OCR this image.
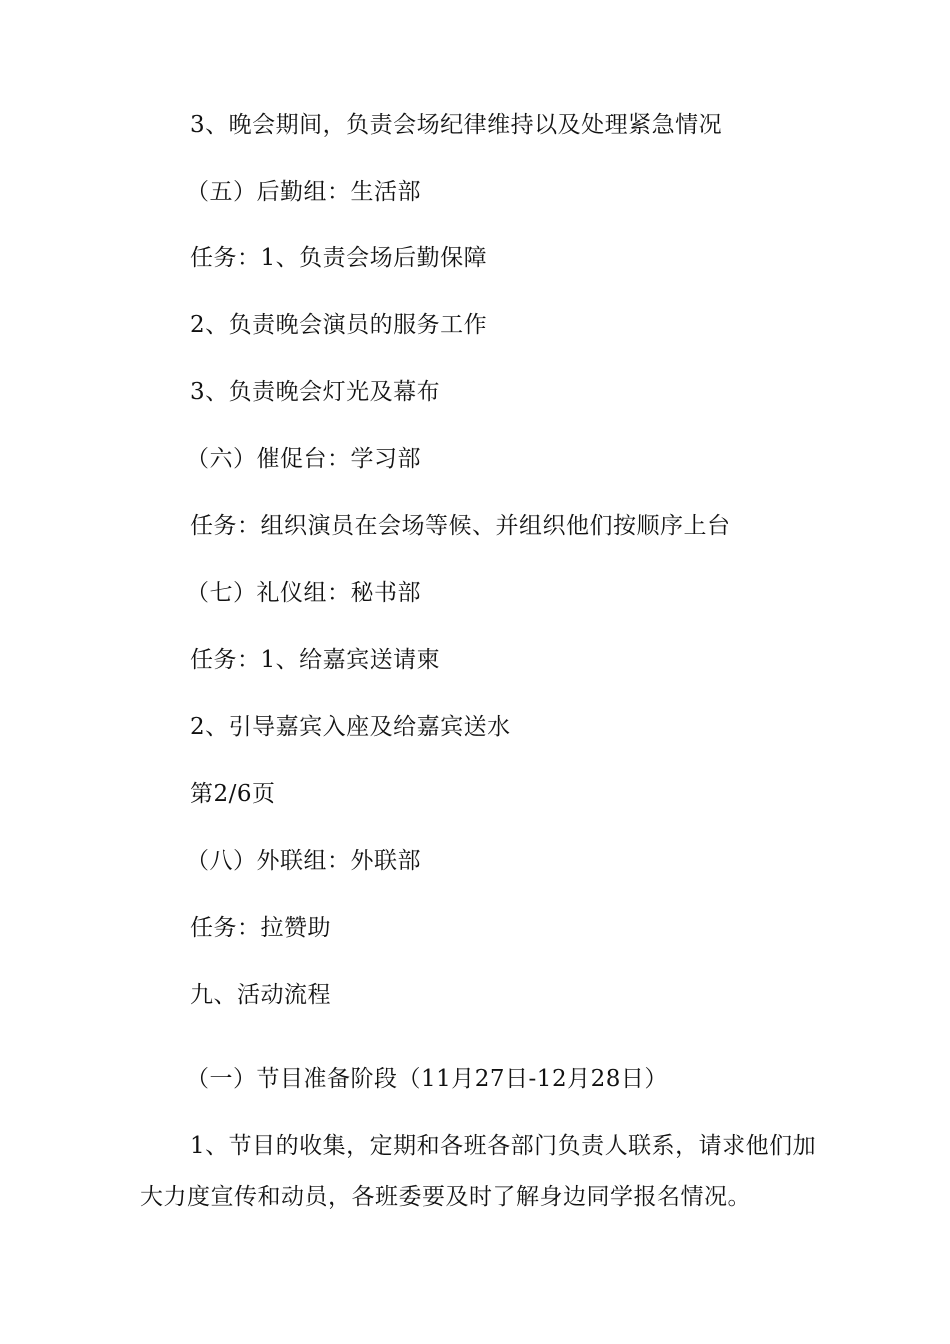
3、晚会期间，负责会场纪律维持以及处理紧急情况
（五）后勤组：生活部
任务：1、负责会场后勤保障
2、负责晚会演员的服务工作
3、负责晚会灯光及幕布
（六）催促台：学习部
任务：组织演员在会场等候、并组织他们按顺序上台
（七）礼仪组：秘书部
任务：1、给嘉宾送请柬
2、引导嘉宾入座及给嘉宾送水
第2/6页
（八）外联组：外联部
任务：拉赞助
九、活动流程
（一）节目准备阶段（11月27日-12月28日）
1、节目的收集，定期和各班各部门负责人联系，请求他们加
大力度宣传和动员，各班委要及时了解身边同学报名情况。
